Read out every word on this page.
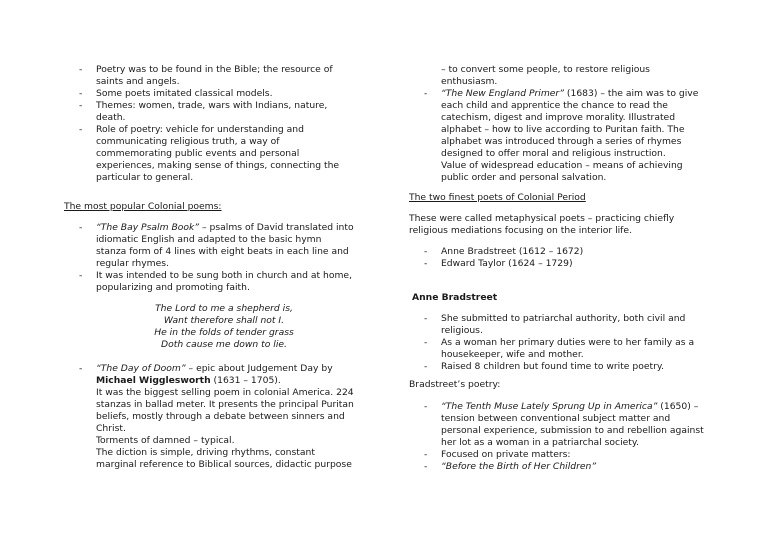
- Poetry was to be found in the Bible; the resource of saints and angels.
- Some poets imitated classical models.
- Themes: women, trade, wars with Indians, nature, death.
- Role of poetry: vehicle for understanding and communicating religious truth, a way of commemorating public events and personal experiences, making sense of things, connecting the particular to general.
The most popular Colonial poems:
- “The Bay Psalm Book” – psalms of David translated into idiomatic English and adapted to the basic hymn stanza form of 4 lines with eight beats in each line and regular rhymes.
- It was intended to be sung both in church and at home, popularizing and promoting faith.
The Lord to me a shepherd is,
Want therefore shall not I.
He in the folds of tender grass
Doth cause me down to lie.
- “The Day of Doom” – epic about Judgement Day by
Michael Wigglesworth (1631 – 1705).
It was the biggest selling poem in colonial America. 224 stanzas in ballad meter. It presents the principal Puritan beliefs, mostly through a debate between sinners and Christ.
Torments of damned – typical.
The diction is simple, driving rhythms, constant marginal reference to Biblical sources, didactic purpose
– to convert some people, to restore religious enthusiasm.
- “The New England Primer” (1683) – the aim was to give each child and apprentice the chance to read the catechism, digest and improve morality. Illustrated alphabet – how to live according to Puritan faith. The alphabet was introduced through a series of rhymes designed to offer moral and religious instruction.
Value of widespread education – means of achieving public order and personal salvation.
The two finest poets of Colonial Period
These were called metaphysical poets – practicing chiefly religious mediations focusing on the interior life.
- Anne Bradstreet (1612 – 1672)
- Edward Taylor (1624 – 1729)
Anne Bradstreet
- She submitted to patriarchal authority, both civil and religious.
- As a woman her primary duties were to her family as a housekeeper, wife and mother.
- Raised 8 children but found time to write poetry.
Bradstreet’s poetry:
- “The Tenth Muse Lately Sprung Up in America” (1650) – tension between conventional subject matter and personal experience, submission to and rebellion against her lot as a woman in a patriarchal society.
- Focused on private matters:
- “Before the Birth of Her Children”
